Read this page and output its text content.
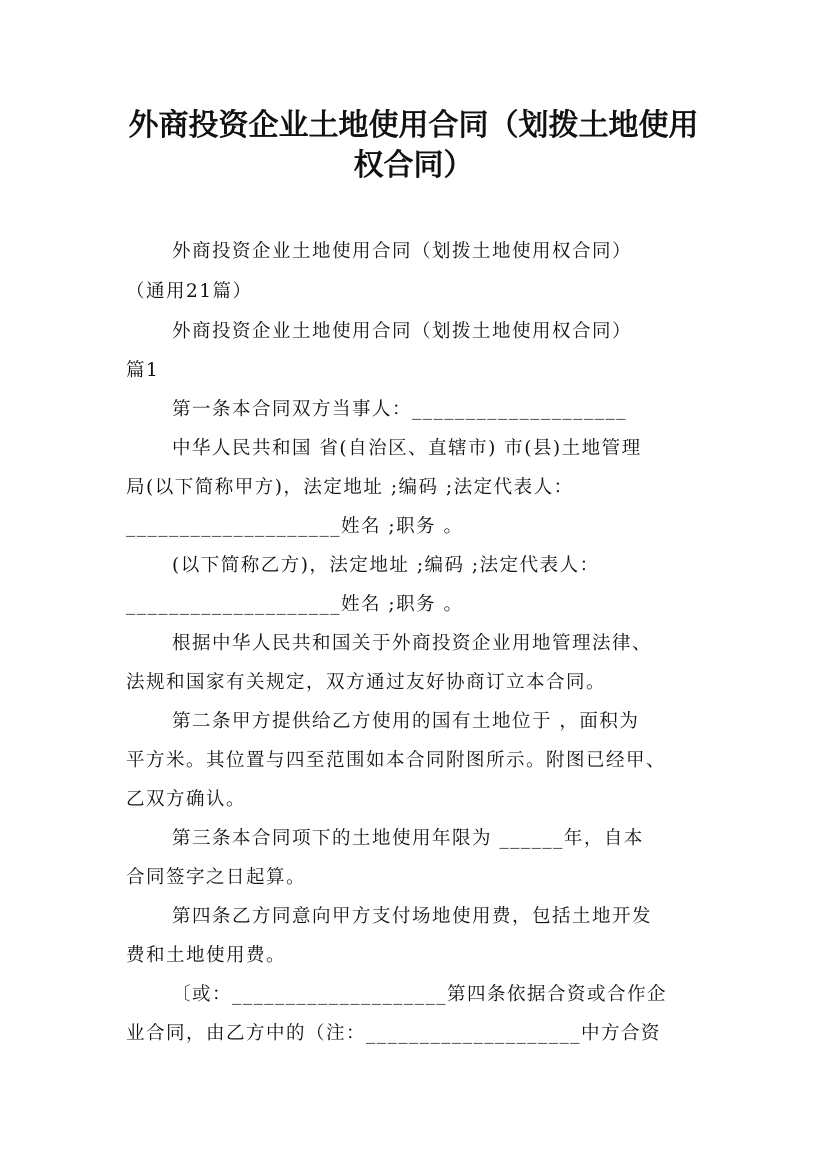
外商投资企业土地使用合同（划拨土地使用
权合同）

外商投资企业土地使用合同（划拨土地使用权合同）

（通用21篇）

外商投资企业土地使用合同（划拨土地使用权合同）

篇1

第一条本合同双方当事人：____________________

中华人民共和国 省(自治区、直辖市) 市(县)土地管理

局(以下简称甲方)，法定地址 ;编码 ;法定代表人：

____________________姓名 ;职务 。

(以下简称乙方)，法定地址 ;编码 ;法定代表人：

____________________姓名 ;职务 。

根据中华人民共和国关于外商投资企业用地管理法律、

法规和国家有关规定，双方通过友好协商订立本合同。

第二条甲方提供给乙方使用的国有土地位于 ，面积为

平方米。其位置与四至范围如本合同附图所示。附图已经甲、

乙双方确认。

第三条本合同项下的土地使用年限为 ______年，自本

合同签字之日起算。

第四条乙方同意向甲方支付场地使用费，包括土地开发

费和土地使用费。

〔或：____________________第四条依据合资或合作企

业合同，由乙方中的（注：____________________中方合资
